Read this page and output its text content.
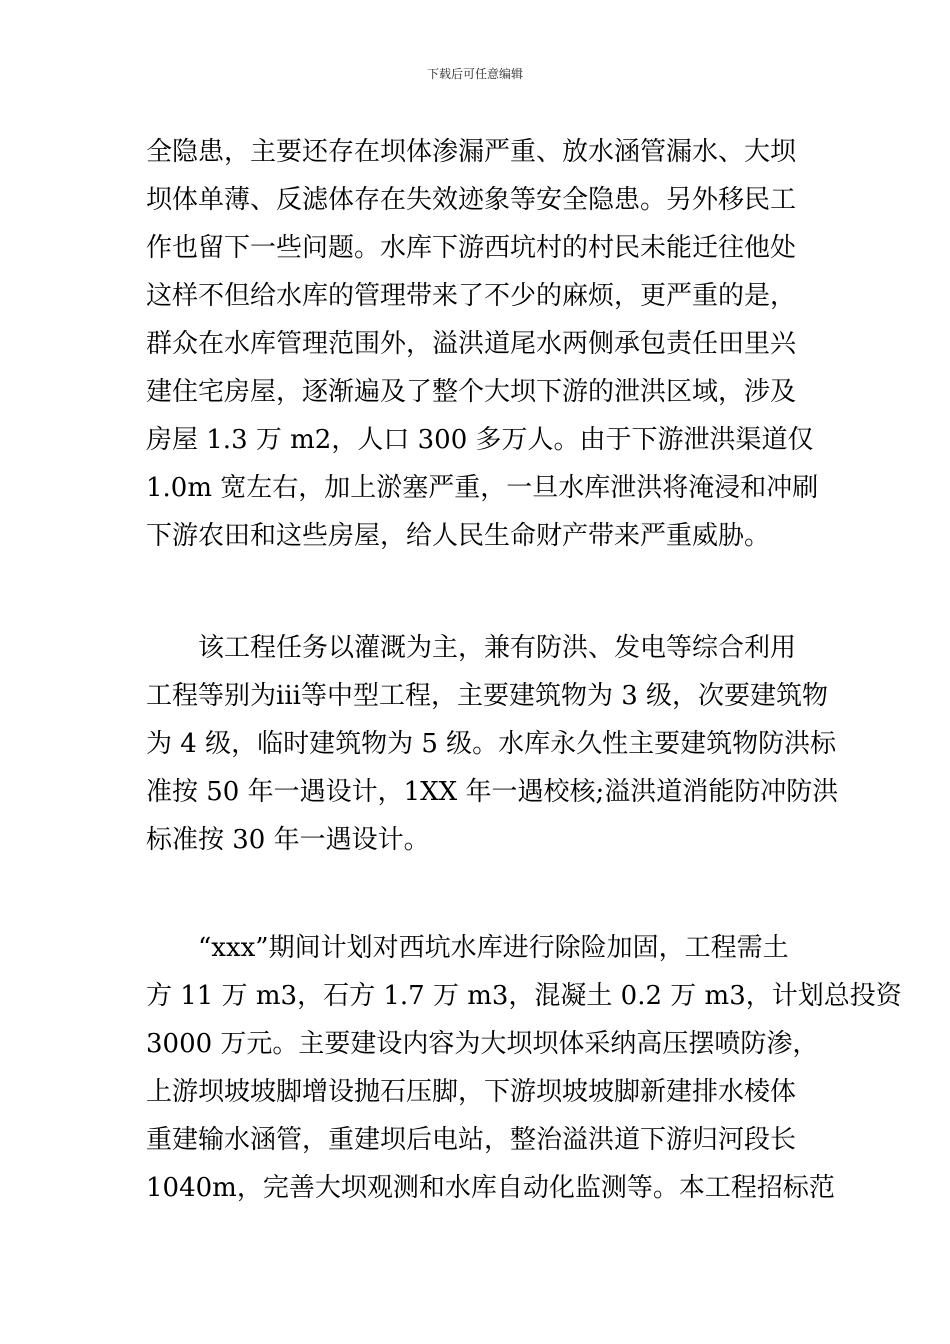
下载后可任意编辑
全隐患，主要还存在坝体渗漏严重、放水涵管漏水、大坝
坝体单薄、反滤体存在失效迹象等安全隐患。另外移民工
作也留下一些问题。水库下游西坑村的村民未能迁往他处
这样不但给水库的管理带来了不少的麻烦，更严重的是，
群众在水库管理范围外，溢洪道尾水两侧承包责任田里兴
建住宅房屋，逐渐遍及了整个大坝下游的泄洪区域，涉及
房屋 1.3 万 m2，人口 300 多万人。由于下游泄洪渠道仅
1.0m 宽左右，加上淤塞严重，一旦水库泄洪将淹浸和冲刷
下游农田和这些房屋，给人民生命财产带来严重威胁。
该工程任务以灌溉为主，兼有防洪、发电等综合利用
工程等别为iii等中型工程，主要建筑物为 3 级，次要建筑物
为 4 级，临时建筑物为 5 级。水库永久性主要建筑物防洪标
准按 50 年一遇设计，1XX 年一遇校核;溢洪道消能防冲防洪
标准按 30 年一遇设计。
“xxx”期间计划对西坑水库进行除险加固，工程需土
方 11 万 m3，石方 1.7 万 m3，混凝土 0.2 万 m3，计划总投资
3000 万元。主要建设内容为大坝坝体采纳高压摆喷防渗，
上游坝坡坡脚增设抛石压脚，下游坝坡坡脚新建排水棱体
重建输水涵管，重建坝后电站，整治溢洪道下游归河段长
1040m，完善大坝观测和水库自动化监测等。本工程招标范
